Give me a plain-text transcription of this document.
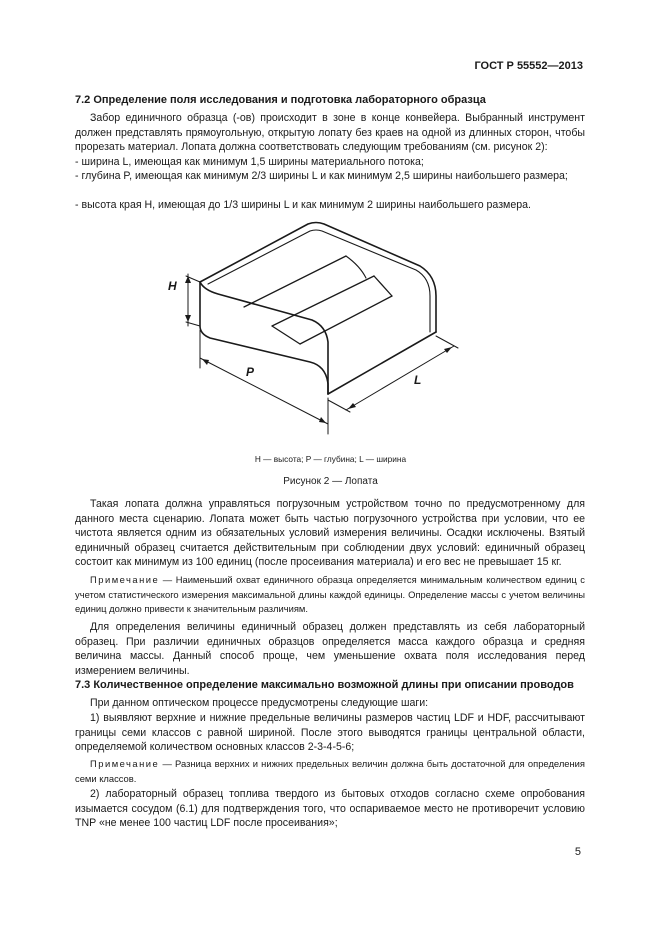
ГОСТ Р 55552—2013
7.2 Определение поля исследования и подготовка лабораторного образца

Забор единичного образца (-ов) происходит в зоне в конце конвейера. Выбранный инструмент должен представлять прямоугольную, открытую лопату без краев на одной из длинных сторон, чтобы прорезать материал. Лопата должна соответствовать следующим требованиям (см. рисунок 2):

- ширина L, имеющая как минимум 1,5 ширины материального потока;
- глубина P, имеющая как минимум 2/3 ширины L и как минимум 2,5 ширины наибольшего размера;
- высота края H, имеющая до 1/3 ширины L и как минимум 2 ширины наибольшего размера.
H
P
L
H — высота; P — глубина; L — ширина
Рисунок 2 — Лопата

Такая лопата должна управляться погрузочным устройством точно по предусмотренному для данного места сценарию. Лопата может быть частью погрузочного устройства при условии, что ее чистота является одним из обязательных условий измерения величины. Осадки исключены. Взятый единичный образец считается действительным при соблюдении двух условий: единичный образец состоит как минимум из 100 единиц (после просеивания материала) и его вес не превышает 15 кг.

Примечание — Наименьший охват единичного образца определяется минимальным количеством единиц с учетом статистического измерения максимальной длины каждой единицы. Определение массы с учетом величины единиц должно привести к значительным различиям.

Для определения величины единичный образец должен представлять из себя лабораторный образец. При различии единичных образцов определяется масса каждого образца и средняя величина массы. Данный способ проще, чем уменьшение охвата поля исследования перед измерением величины.

7.3 Количественное определение максимально возможной длины при описании проводов

При данном оптическом процессе предусмотрены следующие шаги:

1) выявляют верхние и нижние предельные величины размеров частиц LDF и HDF, рассчитывают границы семи классов с равной шириной. После этого выводятся границы центральной области, определяемой количеством основных классов 2-3-4-5-6;

Примечание — Разница верхних и нижних предельных величин должна быть достаточной для определения семи классов.

2) лабораторный образец топлива твердого из бытовых отходов согласно схеме опробования изымается сосудом (6.1) для подтверждения того, что оспариваемое место не противоречит условию TNP «не менее 100 частиц LDF после просеивания»;

5
